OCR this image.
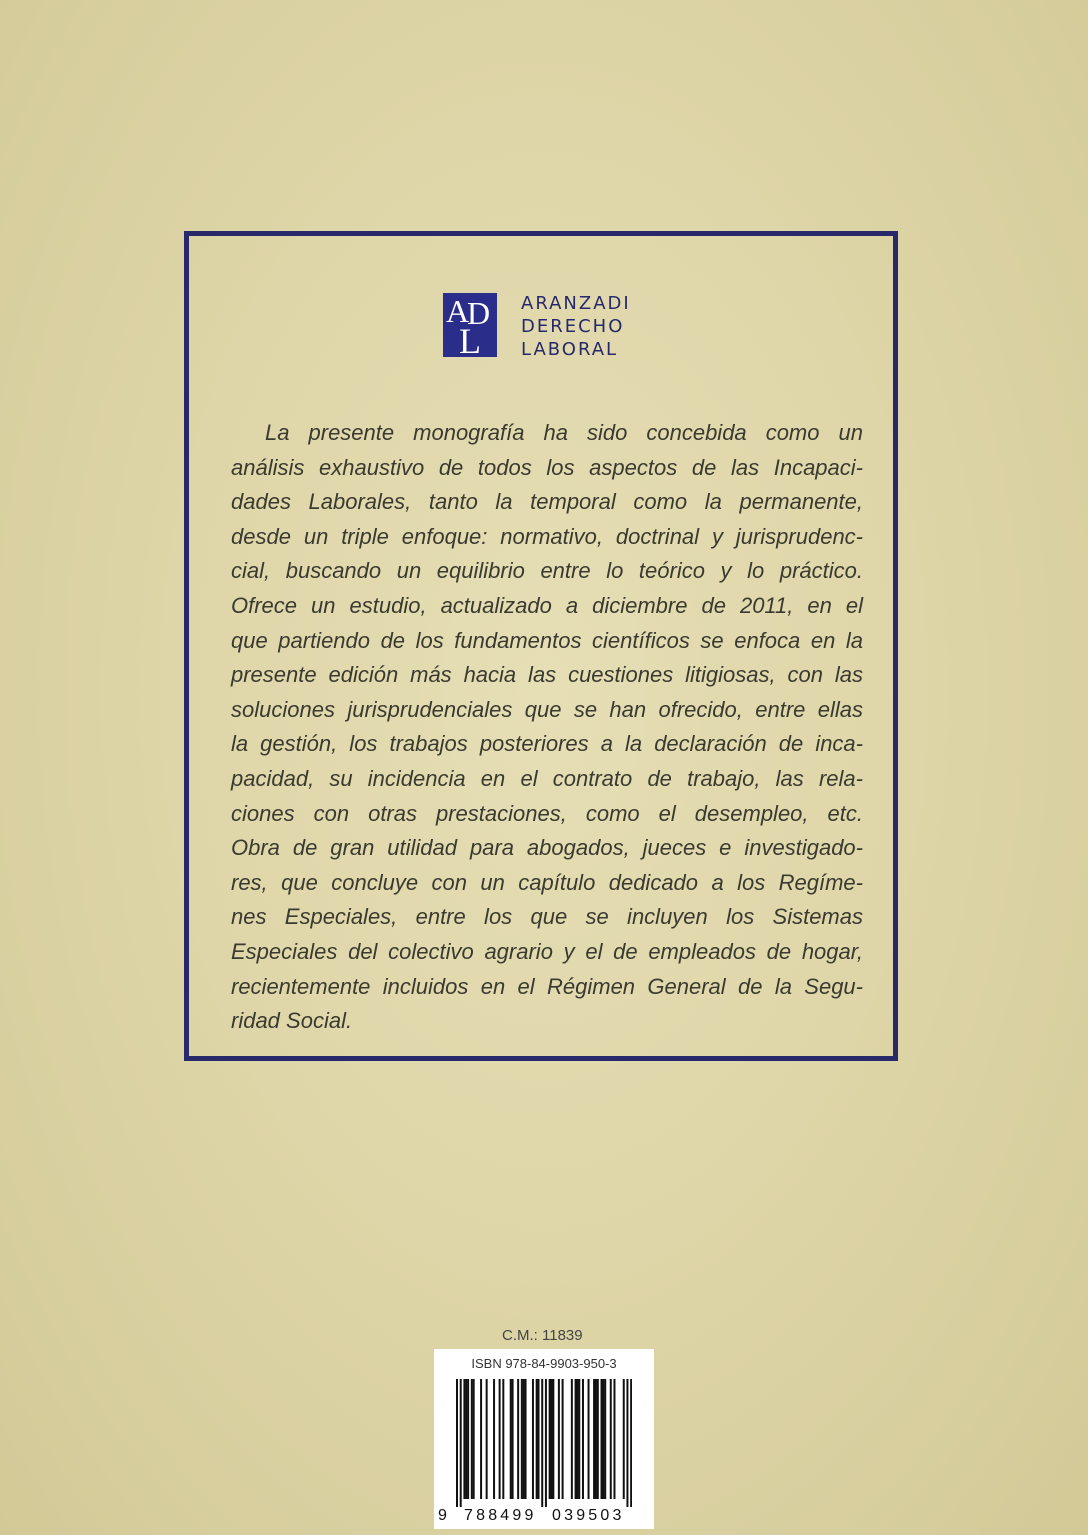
A
D
L
ARANZADI
DERECHO
LABORAL
La presente monografía ha sido concebida como un
análisis exhaustivo de todos los aspectos de las Incapaci-
dades Laborales, tanto la temporal como la permanente,
desde un triple enfoque: normativo, doctrinal y jurisprudenc-
cial, buscando un equilibrio entre lo teórico y lo práctico.
Ofrece un estudio, actualizado a diciembre de 2011, en el
que partiendo de los fundamentos científicos se enfoca en la
presente edición más hacia las cuestiones litigiosas, con las
soluciones jurisprudenciales que se han ofrecido, entre ellas
la gestión, los trabajos posteriores a la declaración de inca-
pacidad, su incidencia en el contrato de trabajo, las rela-
ciones con otras prestaciones, como el desempleo, etc.
Obra de gran utilidad para abogados, jueces e investigado-
res, que concluye con un capítulo dedicado a los Regíme-
nes Especiales, entre los que se incluyen los Sistemas
Especiales del colectivo agrario y el de empleados de hogar,
recientemente incluidos en el Régimen General de la Segu-
ridad Social.
C.M.: 11839
ISBN 978-84-9903-950-3
9 788499 039503
